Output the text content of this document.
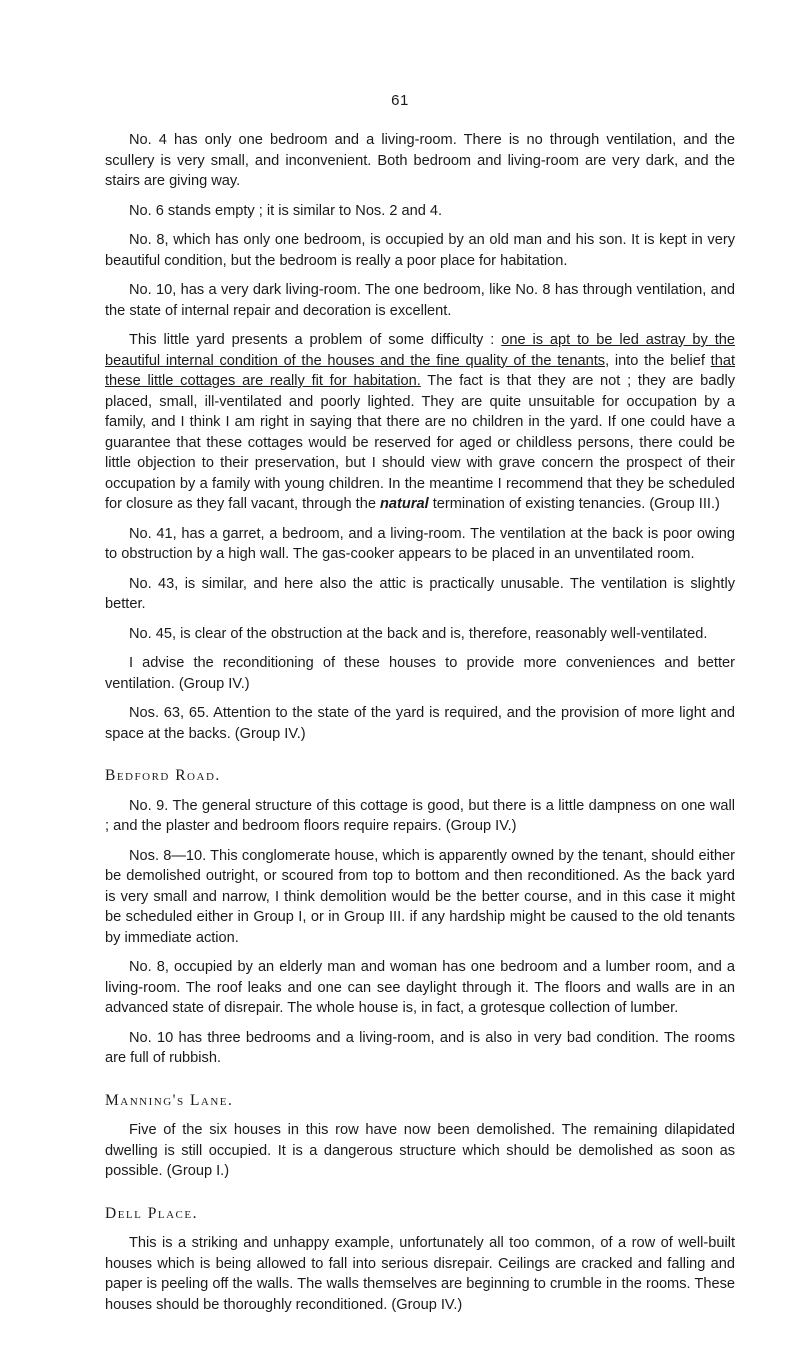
61

No. 4 has only one bedroom and a living-room. There is no through ventilation, and the scullery is very small, and inconvenient. Both bedroom and living-room are very dark, and the stairs are giving way.

No. 6 stands empty ; it is similar to Nos. 2 and 4.

No. 8, which has only one bedroom, is occupied by an old man and his son. It is kept in very beautiful condition, but the bedroom is really a poor place for habitation.

No. 10, has a very dark living-room. The one bedroom, like No. 8 has through ventilation, and the state of internal repair and decoration is excellent.

This little yard presents a problem of some difficulty : one is apt to be led astray by the beautiful internal condition of the houses and the fine quality of the tenants, into the belief that these little cottages are really fit for habitation. The fact is that they are not ; they are badly placed, small, ill-ventilated and poorly lighted. They are quite unsuitable for occupation by a family, and I think I am right in saying that there are no children in the yard. If one could have a guarantee that these cottages would be reserved for aged or childless persons, there could be little objection to their preservation, but I should view with grave concern the prospect of their occupation by a family with young children. In the meantime I recommend that they be scheduled for closure as they fall vacant, through the natural termination of existing tenancies. (Group III.)

No. 41, has a garret, a bedroom, and a living-room. The ventilation at the back is poor owing to obstruction by a high wall. The gas-cooker appears to be placed in an unventilated room.

No. 43, is similar, and here also the attic is practically unusable. The ventilation is slightly better.

No. 45, is clear of the obstruction at the back and is, therefore, reasonably well-ventilated.

I advise the reconditioning of these houses to provide more conveniences and better ventilation. (Group IV.)

Nos. 63, 65. Attention to the state of the yard is required, and the provision of more light and space at the backs. (Group IV.)

Bedford Road.

No. 9. The general structure of this cottage is good, but there is a little dampness on one wall ; and the plaster and bedroom floors require repairs. (Group IV.)

Nos. 8—10. This conglomerate house, which is apparently owned by the tenant, should either be demolished outright, or scoured from top to bottom and then reconditioned. As the back yard is very small and narrow, I think demolition would be the better course, and in this case it might be scheduled either in Group I, or in Group III. if any hardship might be caused to the old tenants by immediate action.

No. 8, occupied by an elderly man and woman has one bedroom and a lumber room, and a living-room. The roof leaks and one can see daylight through it. The floors and walls are in an advanced state of disrepair. The whole house is, in fact, a grotesque collection of lumber.

No. 10 has three bedrooms and a living-room, and is also in very bad condition. The rooms are full of rubbish.

Manning's Lane.

Five of the six houses in this row have now been demolished. The remaining dilapidated dwelling is still occupied. It is a dangerous structure which should be demolished as soon as possible. (Group I.)

Dell Place.

This is a striking and unhappy example, unfortunately all too common, of a row of well-built houses which is being allowed to fall into serious disrepair. Ceilings are cracked and falling and paper is peeling off the walls. The walls themselves are beginning to crumble in the rooms. These houses should be thoroughly reconditioned. (Group IV.)
